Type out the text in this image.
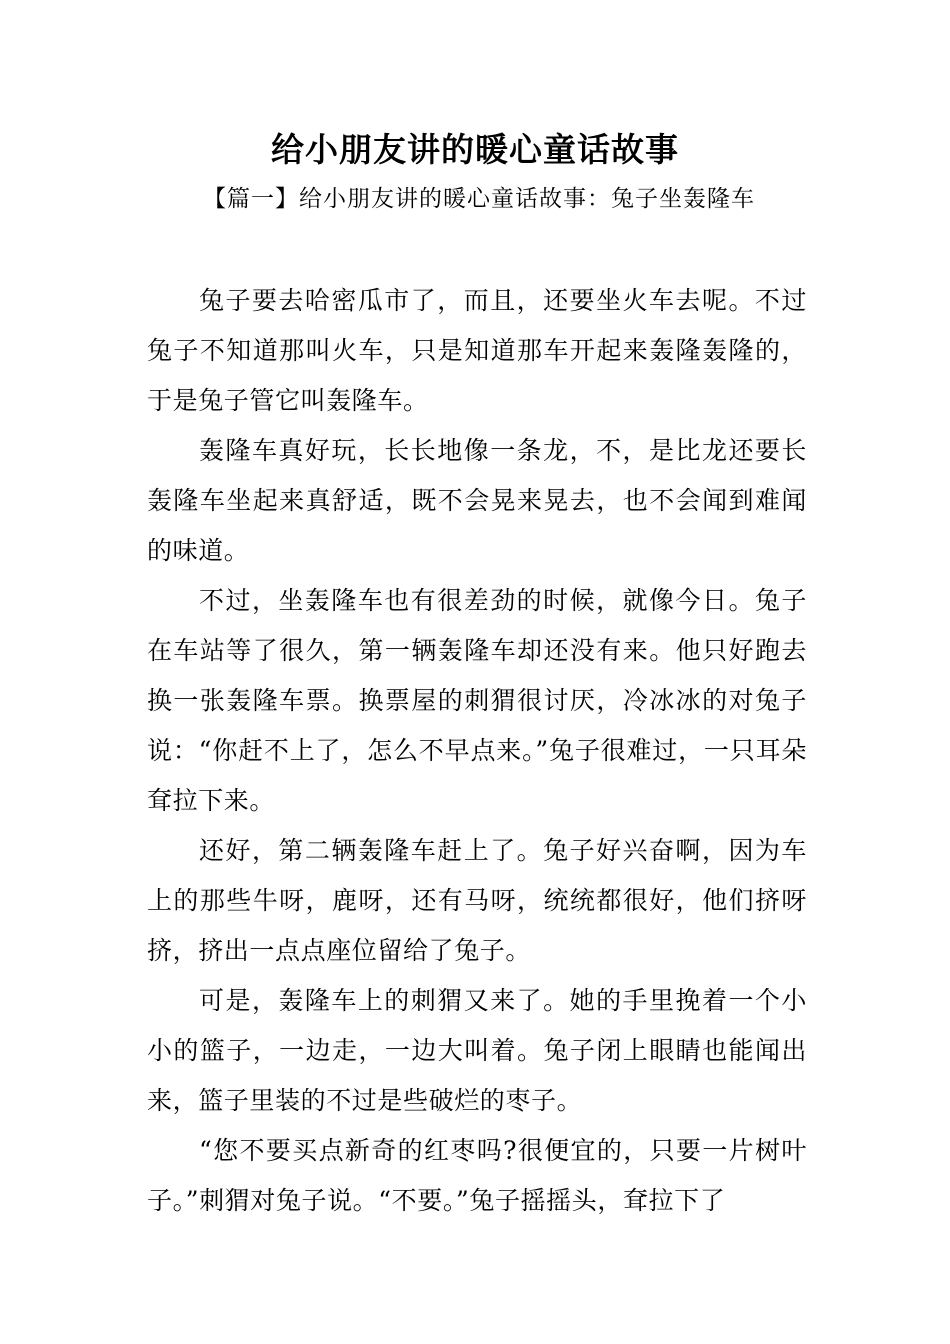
给小朋友讲的暖心童话故事
【篇一】给小朋友讲的暖心童话故事：兔子坐轰隆车

兔子要去哈密瓜市了，而且，还要坐火车去呢。不过兔子不知道那叫火车，只是知道那车开起来轰隆轰隆的，于是兔子管它叫轰隆车。

轰隆车真好玩，长长地像一条龙，不，是比龙还要长轰隆车坐起来真舒适，既不会晃来晃去，也不会闻到难闻的味道。

不过，坐轰隆车也有很差劲的时候，就像今日。兔子在车站等了很久，第一辆轰隆车却还没有来。他只好跑去换一张轰隆车票。换票屋的刺猬很讨厌，冷冰冰的对兔子说：“你赶不上了，怎么不早点来。”兔子很难过，一只耳朵耷拉下来。

还好，第二辆轰隆车赶上了。兔子好兴奋啊，因为车上的那些牛呀，鹿呀，还有马呀，统统都很好，他们挤呀挤，挤出一点点座位留给了兔子。

可是，轰隆车上的刺猬又来了。她的手里挽着一个小小的篮子，一边走，一边大叫着。兔子闭上眼睛也能闻出来，篮子里装的不过是些破烂的枣子。

“您不要买点新奇的红枣吗?很便宜的，只要一片树叶子。”刺猬对兔子说。“不要。”兔子摇摇头，耷拉下了
